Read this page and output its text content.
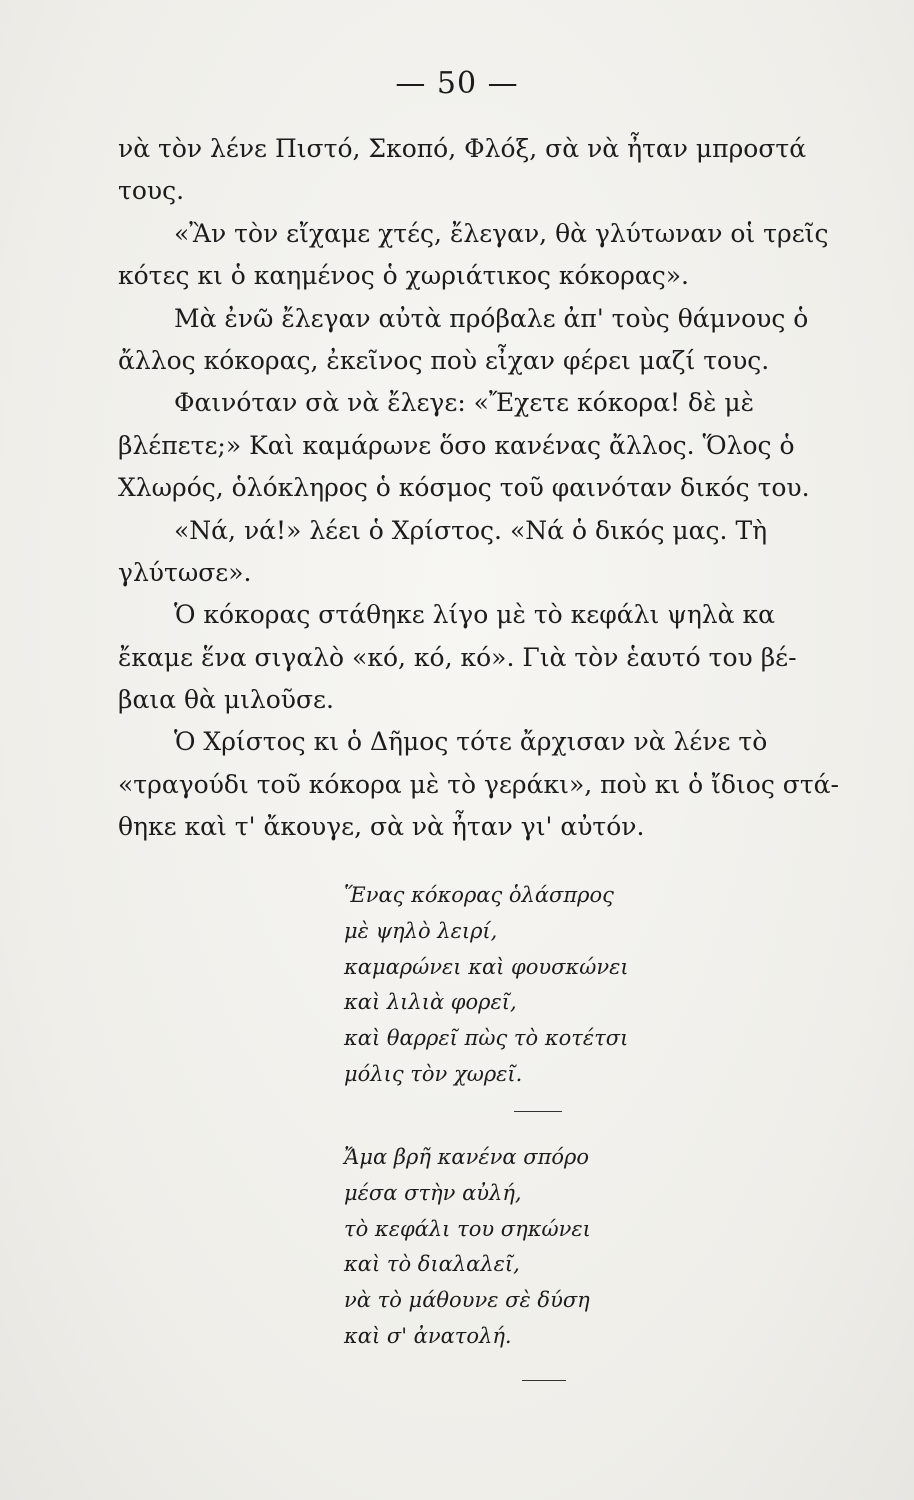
— 50 —

νὰ τὸν λένε Πιστό, Σκοπό, Φλόξ, σὰ νὰ ἦταν μπροστά

τους.

«Ἂν τὸν εἴχαμε χτές, ἔλεγαν, θὰ γλύτωναν οἱ τρεῖς

κότες κι ὁ καημένος ὁ χωριάτικος κόκορας».

Μὰ ἐνῶ ἔλεγαν αὐτὰ πρόβαλε ἀπ' τοὺς θάμνους ὁ

ἄλλος κόκορας, ἐκεῖνος ποὺ εἶχαν φέρει μαζί τους.

Φαινόταν σὰ νὰ ἔλεγε: «Ἔχετε κόκορα! δὲ μὲ

βλέπετε;» Καὶ καμάρωνε ὅσο κανένας ἄλλος. Ὅλος ὁ

Χλωρός, ὁλόκληρος ὁ κόσμος τοῦ φαινόταν δικός του.

«Νά, νά!» λέει ὁ Χρίστος. «Νά ὁ δικός μας. Τὴ

γλύτωσε».

Ὁ κόκορας στάθηκε λίγο μὲ τὸ κεφάλι ψηλὰ κα

ἔκαμε ἕνα σιγαλὸ «κό, κό, κό». Γιὰ τὸν ἑαυτό του βέ-

βαια θὰ μιλοῦσε.

Ὁ Χρίστος κι ὁ Δῆμος τότε ἄρχισαν νὰ λένε τὸ

«τραγούδι τοῦ κόκορα μὲ τὸ γεράκι», ποὺ κι ὁ ἴδιος στά-

θηκε καὶ τ' ἄκουγε, σὰ νὰ ἦταν γι' αὐτόν.

Ἕνας κόκορας ὁλάσπρος

μὲ ψηλὸ λειρί,

καμαρώνει καὶ φουσκώνει

καὶ λιλιὰ φορεῖ,

καὶ θαρρεῖ πὼς τὸ κοτέτσι

μόλις τὸν χωρεῖ.

Ἄμα βρῆ κανένα σπόρο

μέσα στὴν αὐλή,

τὸ κεφάλι του σηκώνει

καὶ τὸ διαλαλεῖ,

νὰ τὸ μάθουνε σὲ δύση

καὶ σ' ἀνατολή.
